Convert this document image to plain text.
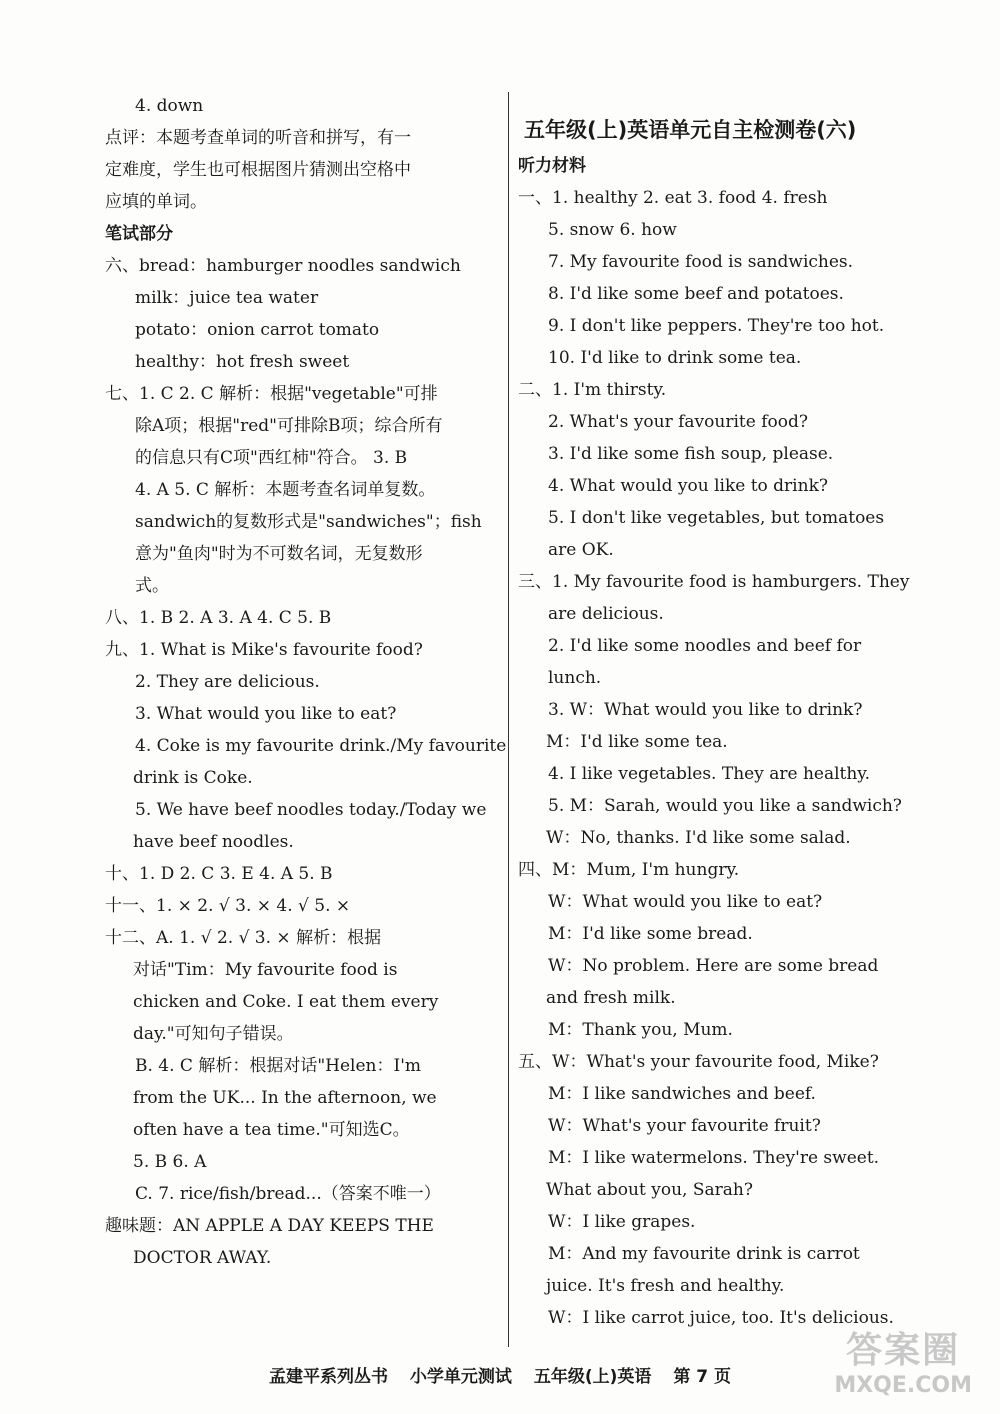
4. down
点评：本题考查单词的听音和拼写，有一
定难度，学生也可根据图片猜测出空格中
应填的单词。
笔试部分
六、bread：hamburger noodles sandwich
milk：juice tea water
potato：onion carrot tomato
healthy：hot fresh sweet
七、1. C 2. C 解析：根据"vegetable"可排
除A项；根据"red"可排除B项；综合所有
的信息只有C项"西红柿"符合。 3. B
4. A 5. C 解析：本题考查名词单复数。
sandwich的复数形式是"sandwiches"；fish
意为"鱼肉"时为不可数名词，无复数形
式。
八、1. B 2. A 3. A 4. C 5. B
九、1. What is Mike's favourite food?
2. They are delicious.
3. What would you like to eat?
4. Coke is my favourite drink./My favourite
drink is Coke.
5. We have beef noodles today./Today we
have beef noodles.
十、1. D 2. C 3. E 4. A 5. B
十一、1. × 2. √ 3. × 4. √ 5. ×
十二、A. 1. √ 2. √ 3. × 解析：根据
对话"Tim：My favourite food is
chicken and Coke. I eat them every
day."可知句子错误。
B. 4. C 解析：根据对话"Helen：I'm
from the UK... In the afternoon, we
often have a tea time."可知选C。
5. B 6. A
C. 7. rice/fish/bread...（答案不唯一）
趣味题：AN APPLE A DAY KEEPS THE
DOCTOR AWAY.
五年级(上)英语单元自主检测卷(六)
听力材料
一、1. healthy 2. eat 3. food 4. fresh
5. snow 6. how
7. My favourite food is sandwiches.
8. I'd like some beef and potatoes.
9. I don't like peppers. They're too hot.
10. I'd like to drink some tea.
二、1. I'm thirsty.
2. What's your favourite food?
3. I'd like some fish soup, please.
4. What would you like to drink?
5. I don't like vegetables, but tomatoes
are OK.
三、1. My favourite food is hamburgers. They
are delicious.
2. I'd like some noodles and beef for
lunch.
3. W：What would you like to drink?
M：I'd like some tea.
4. I like vegetables. They are healthy.
5. M：Sarah, would you like a sandwich?
W：No, thanks. I'd like some salad.
四、M：Mum, I'm hungry.
W：What would you like to eat?
M：I'd like some bread.
W：No problem. Here are some bread
and fresh milk.
M：Thank you, Mum.
五、W：What's your favourite food, Mike?
M：I like sandwiches and beef.
W：What's your favourite fruit?
M：I like watermelons. They're sweet.
What about you, Sarah?
W：I like grapes.
M：And my favourite drink is carrot
juice. It's fresh and healthy.
W：I like carrot juice, too. It's delicious.
孟建平系列丛书 小学单元测试 五年级(上)英语 第 7 页
答案圈
MXQE.COM
